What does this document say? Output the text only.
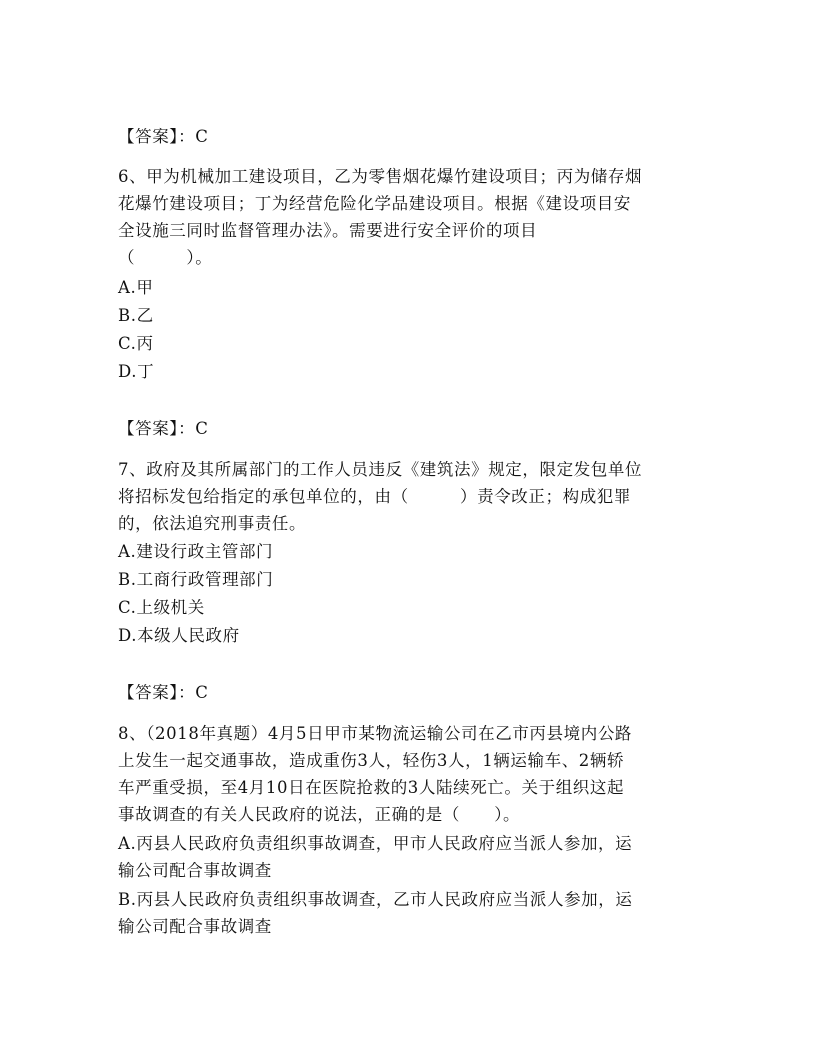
【答案】：C
6、甲为机械加工建设项目，乙为零售烟花爆竹建设项目；丙为储存烟
花爆竹建设项目；丁为经营危险化学品建设项目。根据《建设项目安
全设施三同时监督管理办法》。需要进行安全评价的项目
（　　　）。
A.甲
B.乙
C.丙
D.丁
【答案】：C
7、政府及其所属部门的工作人员违反《建筑法》规定，限定发包单位
将招标发包给指定的承包单位的，由（　　　）责令改正；构成犯罪
的，依法追究刑事责任。
A.建设行政主管部门
B.工商行政管理部门
C.上级机关
D.本级人民政府
【答案】：C
8、（2018年真题）4月5日甲市某物流运输公司在乙市丙县境内公路
上发生一起交通事故，造成重伤3人，轻伤3人，1辆运输车、2辆轿
车严重受损，至4月10日在医院抢救的3人陆续死亡。关于组织这起
事故调查的有关人民政府的说法，正确的是（　　）。
A.丙县人民政府负责组织事故调查，甲市人民政府应当派人参加，运
输公司配合事故调查
B.丙县人民政府负责组织事故调查，乙市人民政府应当派人参加，运
输公司配合事故调查
